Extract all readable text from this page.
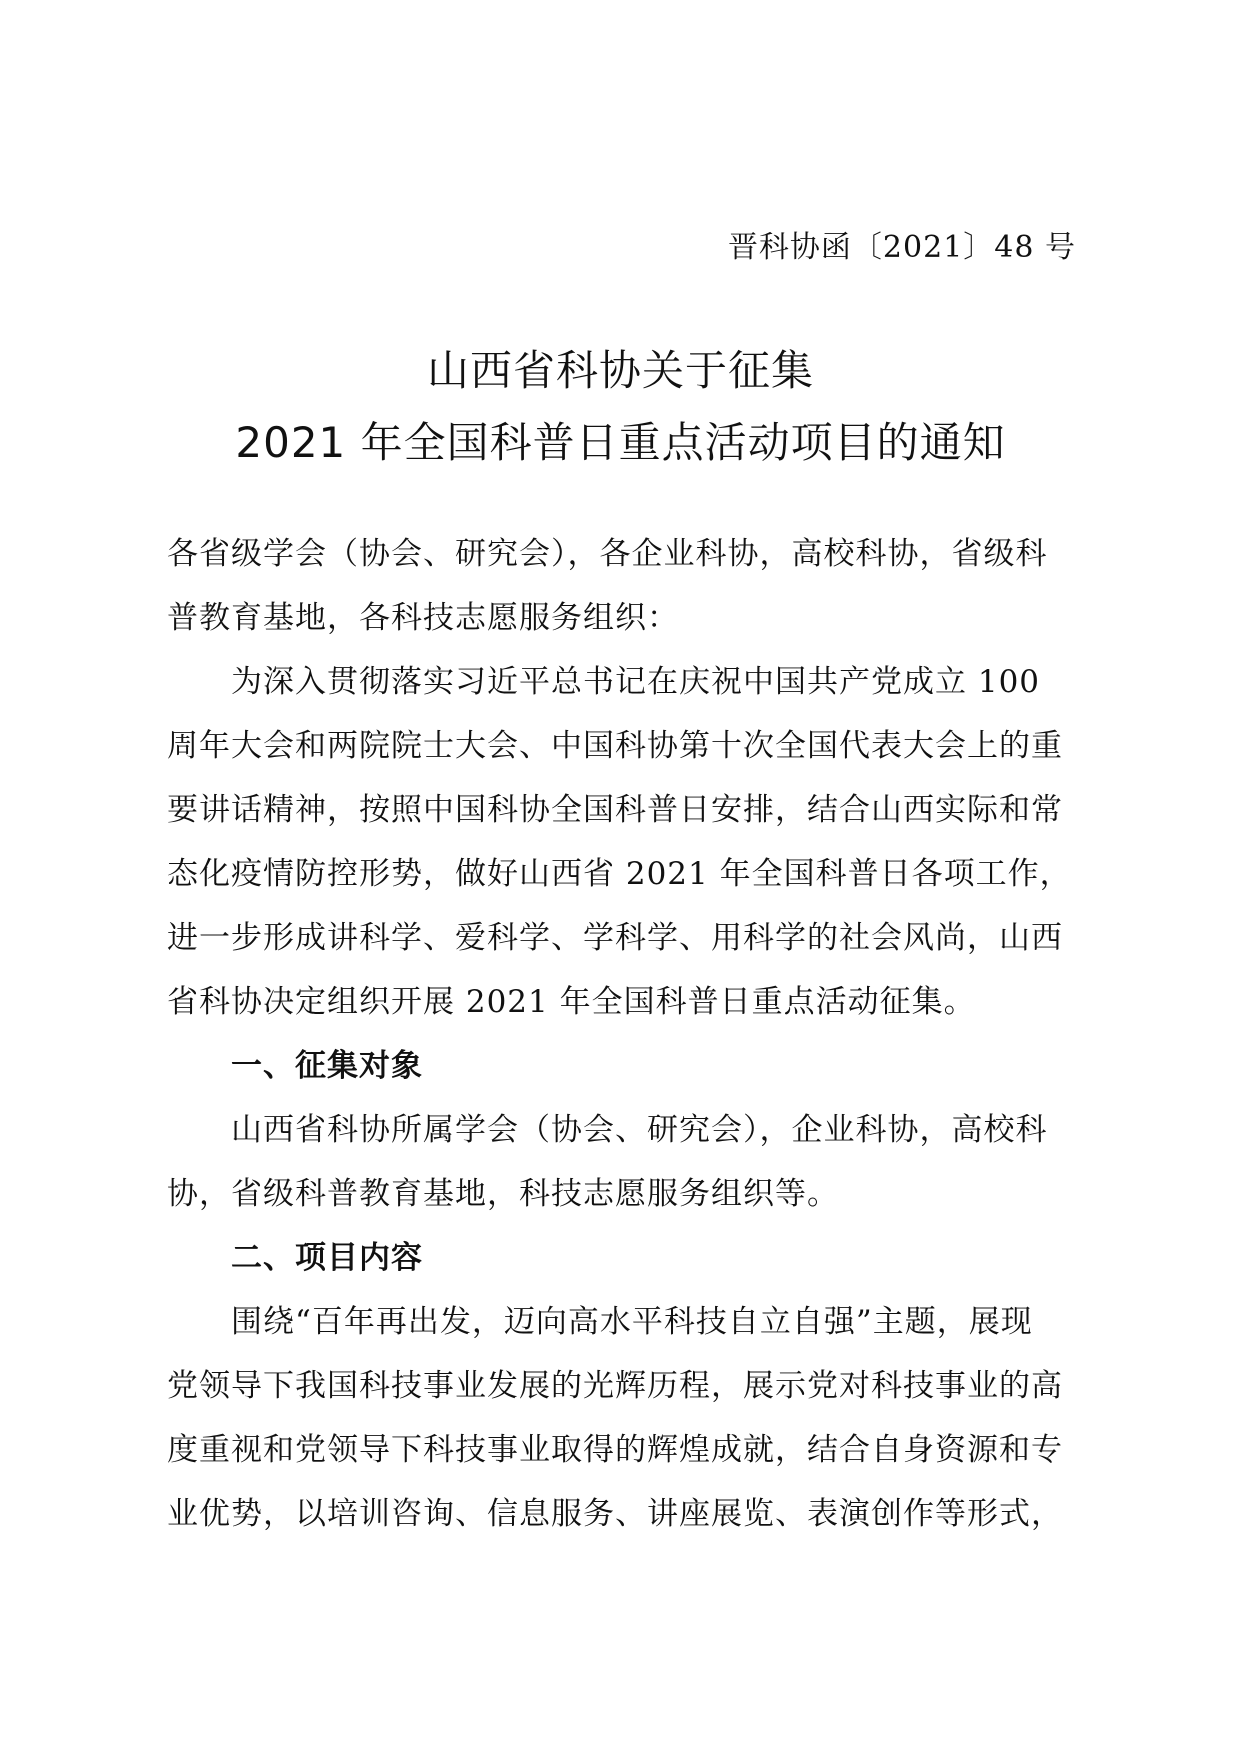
晋科协函〔2021〕48 号
山西省科协关于征集
2021 年全国科普日重点活动项目的通知
各省级学会（协会、研究会），各企业科协，高校科协，省级科
普教育基地，各科技志愿服务组织：
为深入贯彻落实习近平总书记在庆祝中国共产党成立 100
周年大会和两院院士大会、中国科协第十次全国代表大会上的重
要讲话精神，按照中国科协全国科普日安排，结合山西实际和常
态化疫情防控形势，做好山西省 2021 年全国科普日各项工作，
进一步形成讲科学、爱科学、学科学、用科学的社会风尚，山西
省科协决定组织开展 2021 年全国科普日重点活动征集。
一、征集对象
山西省科协所属学会（协会、研究会），企业科协，高校科
协，省级科普教育基地，科技志愿服务组织等。
二、项目内容
围绕“百年再出发，迈向高水平科技自立自强”主题，展现
党领导下我国科技事业发展的光辉历程，展示党对科技事业的高
度重视和党领导下科技事业取得的辉煌成就，结合自身资源和专
业优势，以培训咨询、信息服务、讲座展览、表演创作等形式，
